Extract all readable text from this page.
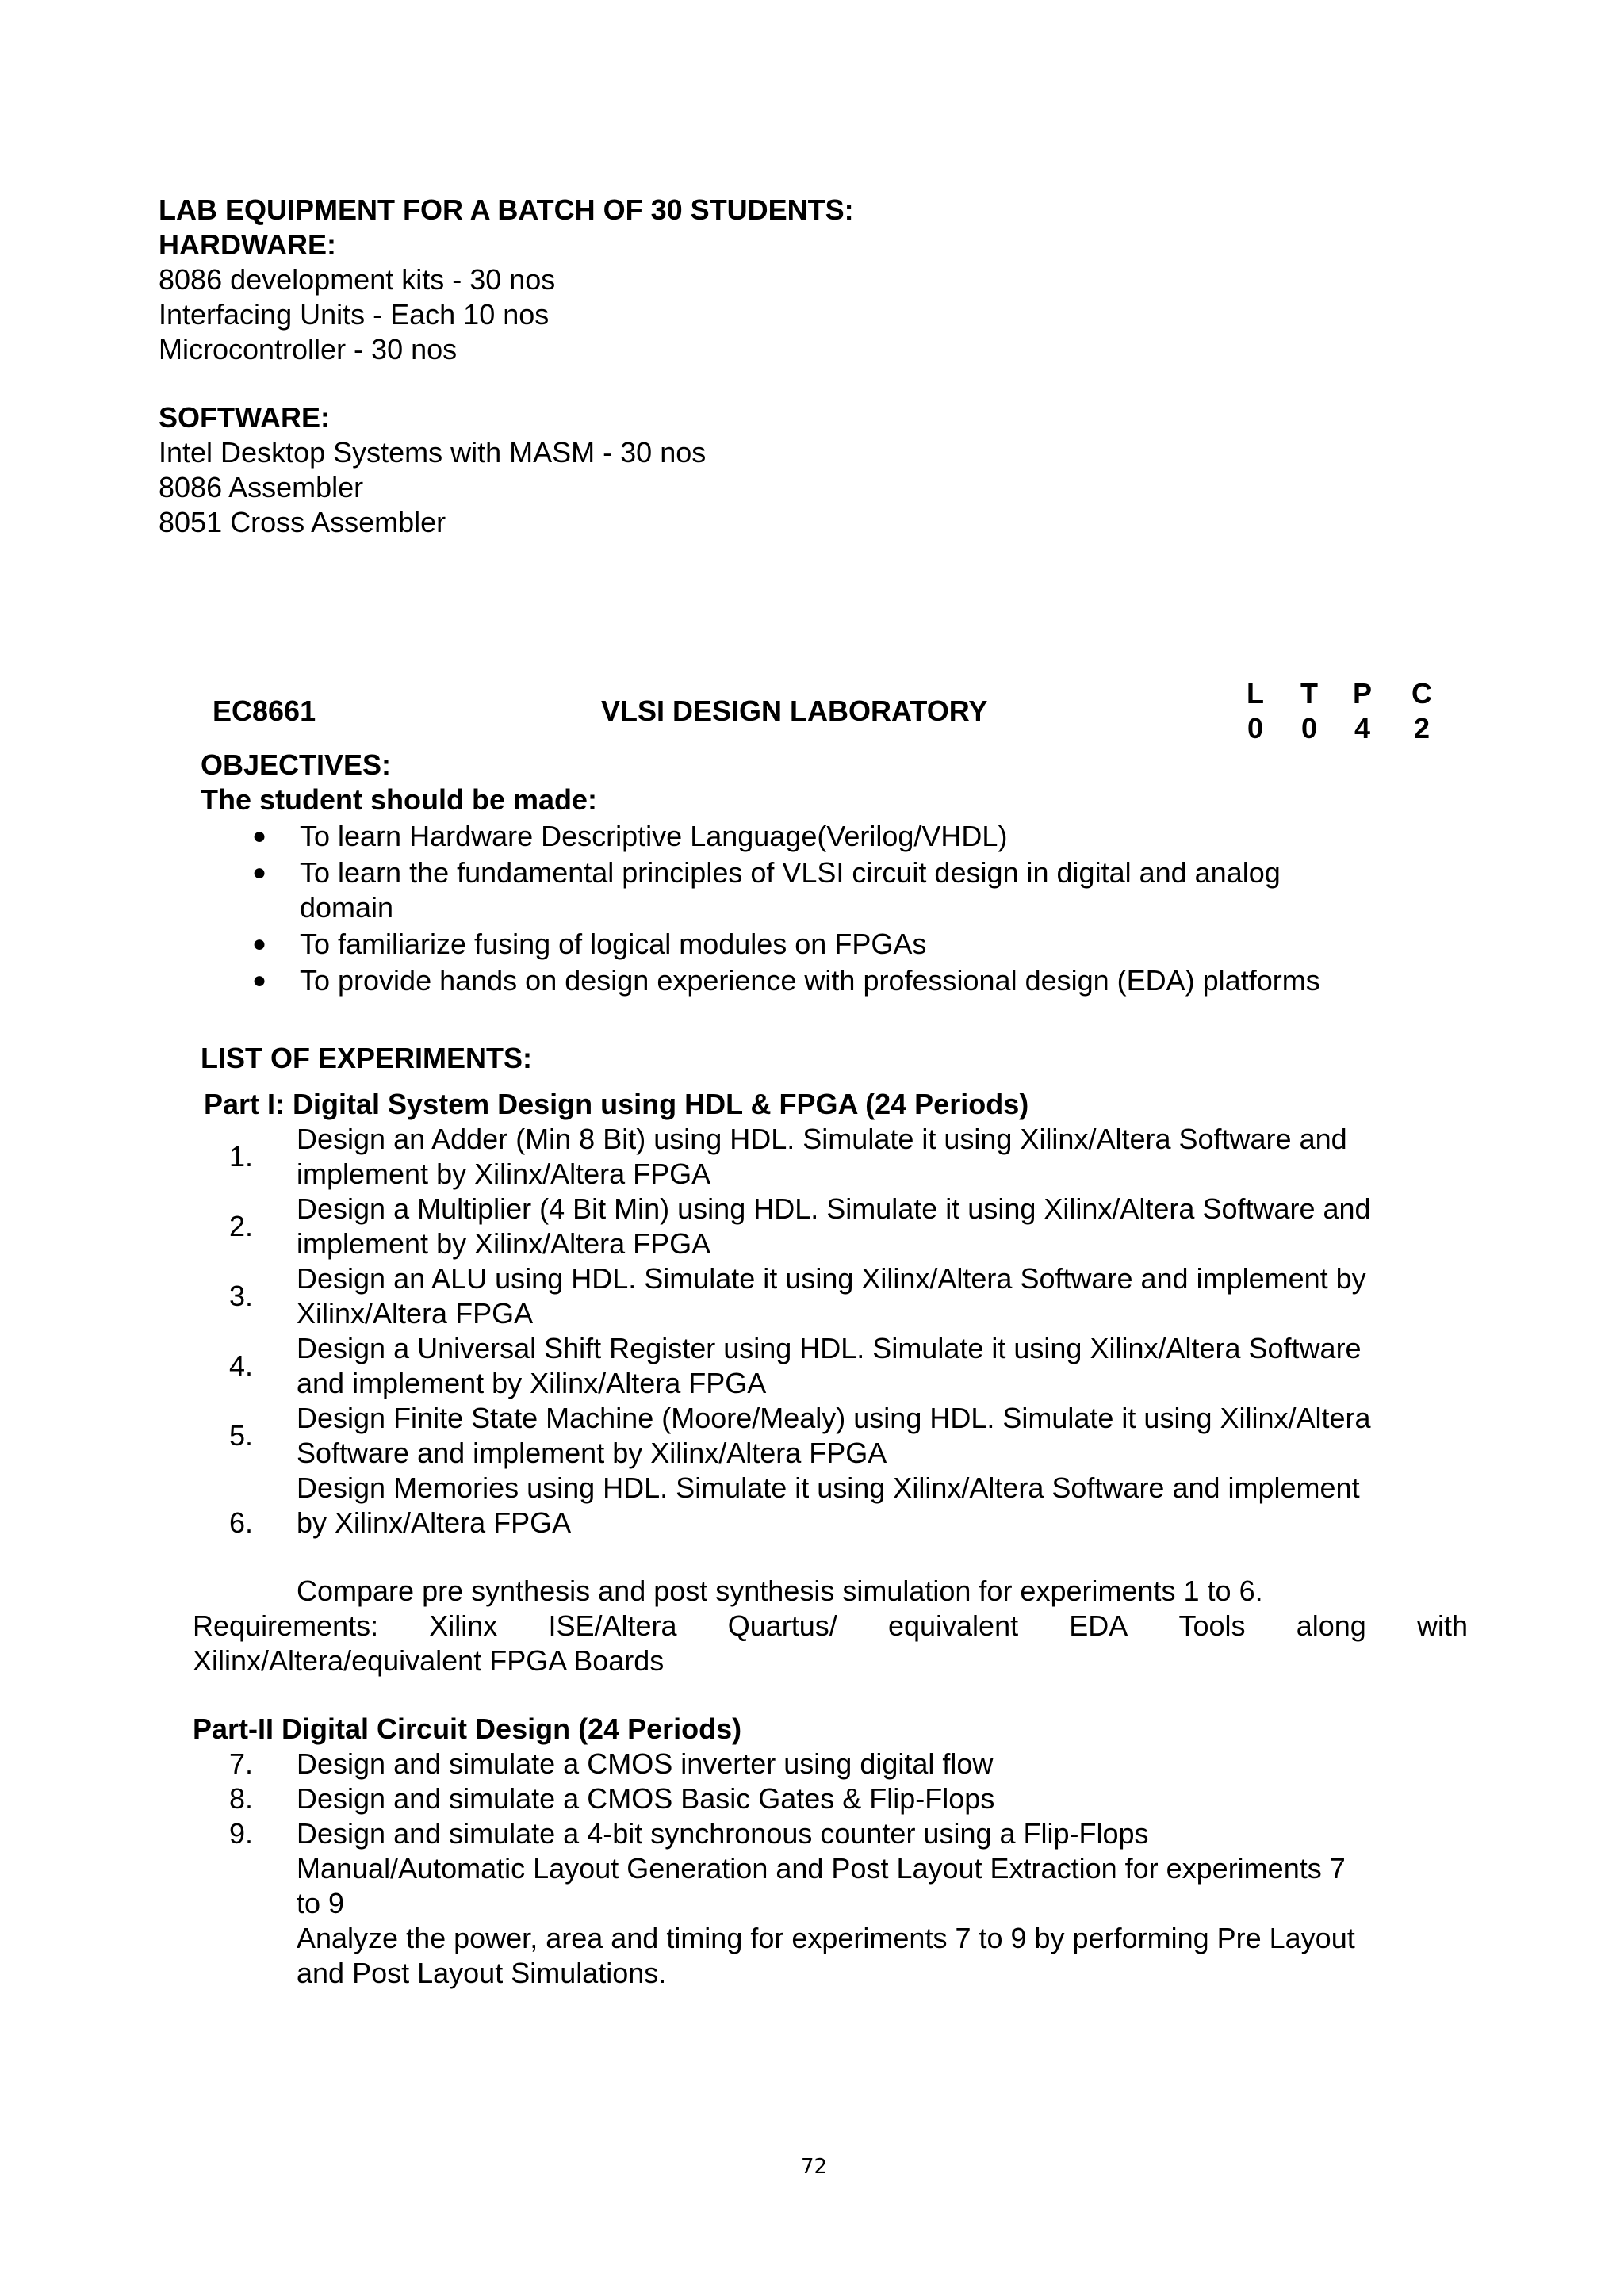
LAB EQUIPMENT FOR A BATCH OF 30 STUDENTS:
HARDWARE:
8086 development kits - 30 nos
Interfacing Units - Each 10 nos
Microcontroller - 30 nos
SOFTWARE:
Intel Desktop Systems with MASM - 30 nos
8086 Assembler
8051 Cross Assembler
EC8661	VLSI DESIGN LABORATORY
L	T	P	C
0	0	4	2
OBJECTIVES:
The student should be made:
● To learn Hardware Descriptive Language(Verilog/VHDL)
● To learn the fundamental principles of VLSI circuit design in digital and analog
domain
● To familiarize fusing of logical modules on FPGAs
● To provide hands on design experience with professional design (EDA) platforms
LIST OF EXPERIMENTS:
Part I: Digital System Design using HDL & FPGA (24 Periods)
1.
Design an Adder (Min 8 Bit) using HDL. Simulate it using Xilinx/Altera Software and
implement by Xilinx/Altera FPGA
2.
Design a Multiplier (4 Bit Min) using HDL. Simulate it using Xilinx/Altera Software and
implement by Xilinx/Altera FPGA
3.
Design an ALU using HDL. Simulate it using Xilinx/Altera Software and implement by
Xilinx/Altera FPGA
4.
Design a Universal Shift Register using HDL. Simulate it using Xilinx/Altera Software
and implement by Xilinx/Altera FPGA
5.
Design Finite State Machine (Moore/Mealy) using HDL. Simulate it using Xilinx/Altera
Software and implement by Xilinx/Altera FPGA
6.
Design Memories using HDL. Simulate it using Xilinx/Altera Software and implement
by Xilinx/Altera FPGA
Compare pre synthesis and post synthesis simulation for experiments 1 to 6.
Requirements: Xilinx ISE/Altera Quartus/ equivalent EDA Tools along with
Xilinx/Altera/equivalent FPGA Boards
Part-II Digital Circuit Design (24 Periods)
7.	Design and simulate a CMOS inverter using digital flow
8.	Design and simulate a CMOS Basic Gates & Flip-Flops
9.	Design and simulate a 4-bit synchronous counter using a Flip-Flops
Manual/Automatic Layout Generation and Post Layout Extraction for experiments 7
to 9
Analyze the power, area and timing for experiments 7 to 9 by performing Pre Layout
and Post Layout Simulations.
72
